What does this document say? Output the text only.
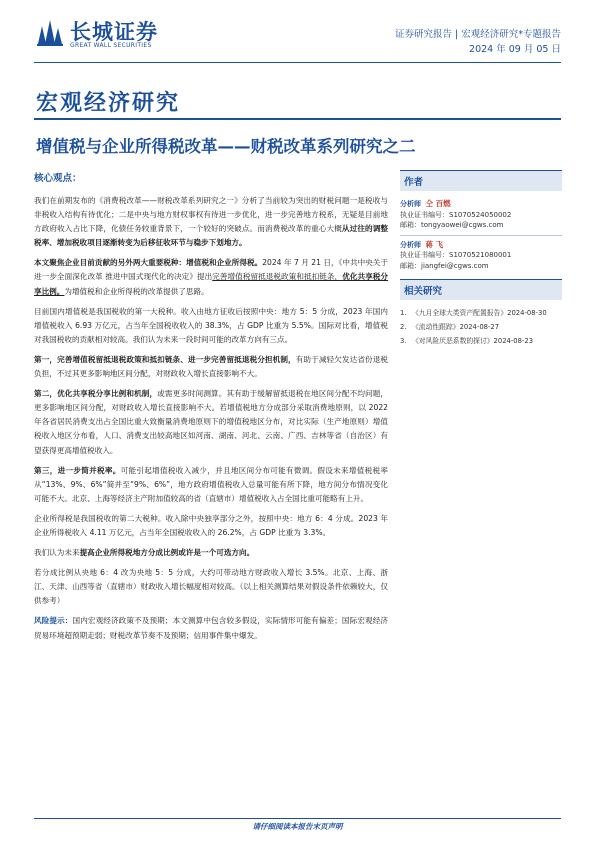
长城证券
GREAT WALL SECURITIES
证券研究报告 | 宏观经济研究*专题报告
2024 年 09 月 05 日
宏观经济研究
增值税与企业所得税改革——财税改革系列研究之二
核心观点：

我们在前期发布的《消费税改革——财税改革系列研究之一》分析了当前较为突出的财税问题一是税收与非税收入结构有待优化；二是中央与地方财权事权有待进一步优化，进一步完善地方税系，无疑是目前地方政府收入占比下降，化债任务较重背景下，一个较好的突破点。而消费税改革的重心大概从过往的调整税率、增加税收项目逐渐转变为后移征收环节与稳步下划地方。

本文聚焦企业目前贡献的另外两大重要税种：增值税和企业所得税。2024 年 7 月 21 日，《中共中央关于进一步全面深化改革 推进中国式现代化的决定》提出完善增值税留抵退税政策和抵扣链条，优化共享税分享比例。为增值税和企业所得税的改革提供了思路。

目前国内增值税是我国税收的第一大税种。收入由地方征收后按照中央：地方 5：5 分成，2023 年国内增值税收入 6.93 万亿元，占当年全国税收收入的 38.3%，占 GDP 比重为 5.5%。国际对比看，增值税对我国税收的贡献相对较高。我们认为未来一段时间可能的改革方向有三点。

第一，完善增值税留抵退税政策和抵扣链条、进一步完善留抵退税分担机制，有助于减轻欠发达省份退税负担，不过其更多影响地区间分配，对财政收入增长直接影响不大。

第二，优化共享税分享比例和机制，或需更多时间测算。其有助于缓解留抵退税在地区间分配不均问题，更多影响地区间分配，对财政收入增长直接影响不大。若增值税地方分成部分采取消费地原则，以 2022 年各省居民消费支出占全国比重大致衡量消费地原则下的增值税地区分布，对比实际（生产地原则）增值税收入地区分布看，人口、消费支出较高地区如河南、湖南、河北、云南、广西、吉林等省（自治区）有望获得更高增值税收入。

第三，进一步简并税率。可能引起增值税收入减少，并且地区间分布可能有微调。假设未来增值税税率从“13%、9%、6%”简并至“9%、6%”，地方政府增值税收入总量可能有所下降，地方间分布情况变化可能不大。北京、上海等经济主产附加值较高的省（直辖市）增值税收入占全国比重可能略有上升。

企业所得税是我国税收的第二大税种。收入除中央独享部分之外，按照中央：地方 6：4 分成。2023 年企业所得税收入 4.11 万亿元，占当年全国税收收入的 26.2%，占 GDP 比重为 3.3%。

我们认为未来提高企业所得税地方分成比例或许是一个可选方向。

若分成比例从央地 6：4 改为央地 5：5 分成，大约可带动地方财政收入增长 3.5%。北京、上海、浙江、天津、山西等省（直辖市）财政收入增长幅度相对较高。（以上相关测算结果对假设条件依赖较大，仅供参考）

风险提示：国内宏观经济政策不及预期；本文测算中包含较多假设，实际情形可能有偏差；国际宏观经济贸易环境超预期走弱；财税改革节奏不及预期；信用事件集中爆发。

作者
分析师 仝 百燃
执业证书编号：S1070524050002
邮箱：tongyaowei@cgws.com
分析师 蒋 飞
执业证书编号：S1070521080001
邮箱：jiangfei@cgws.com
相关研究
1. 《九月全球大类资产配置报告》2024-08-30
2. 《流动性跟踪》2024-08-27
3. 《对风险厌恶系数的探讨》2024-08-23
请仔细阅读本报告末页声明
